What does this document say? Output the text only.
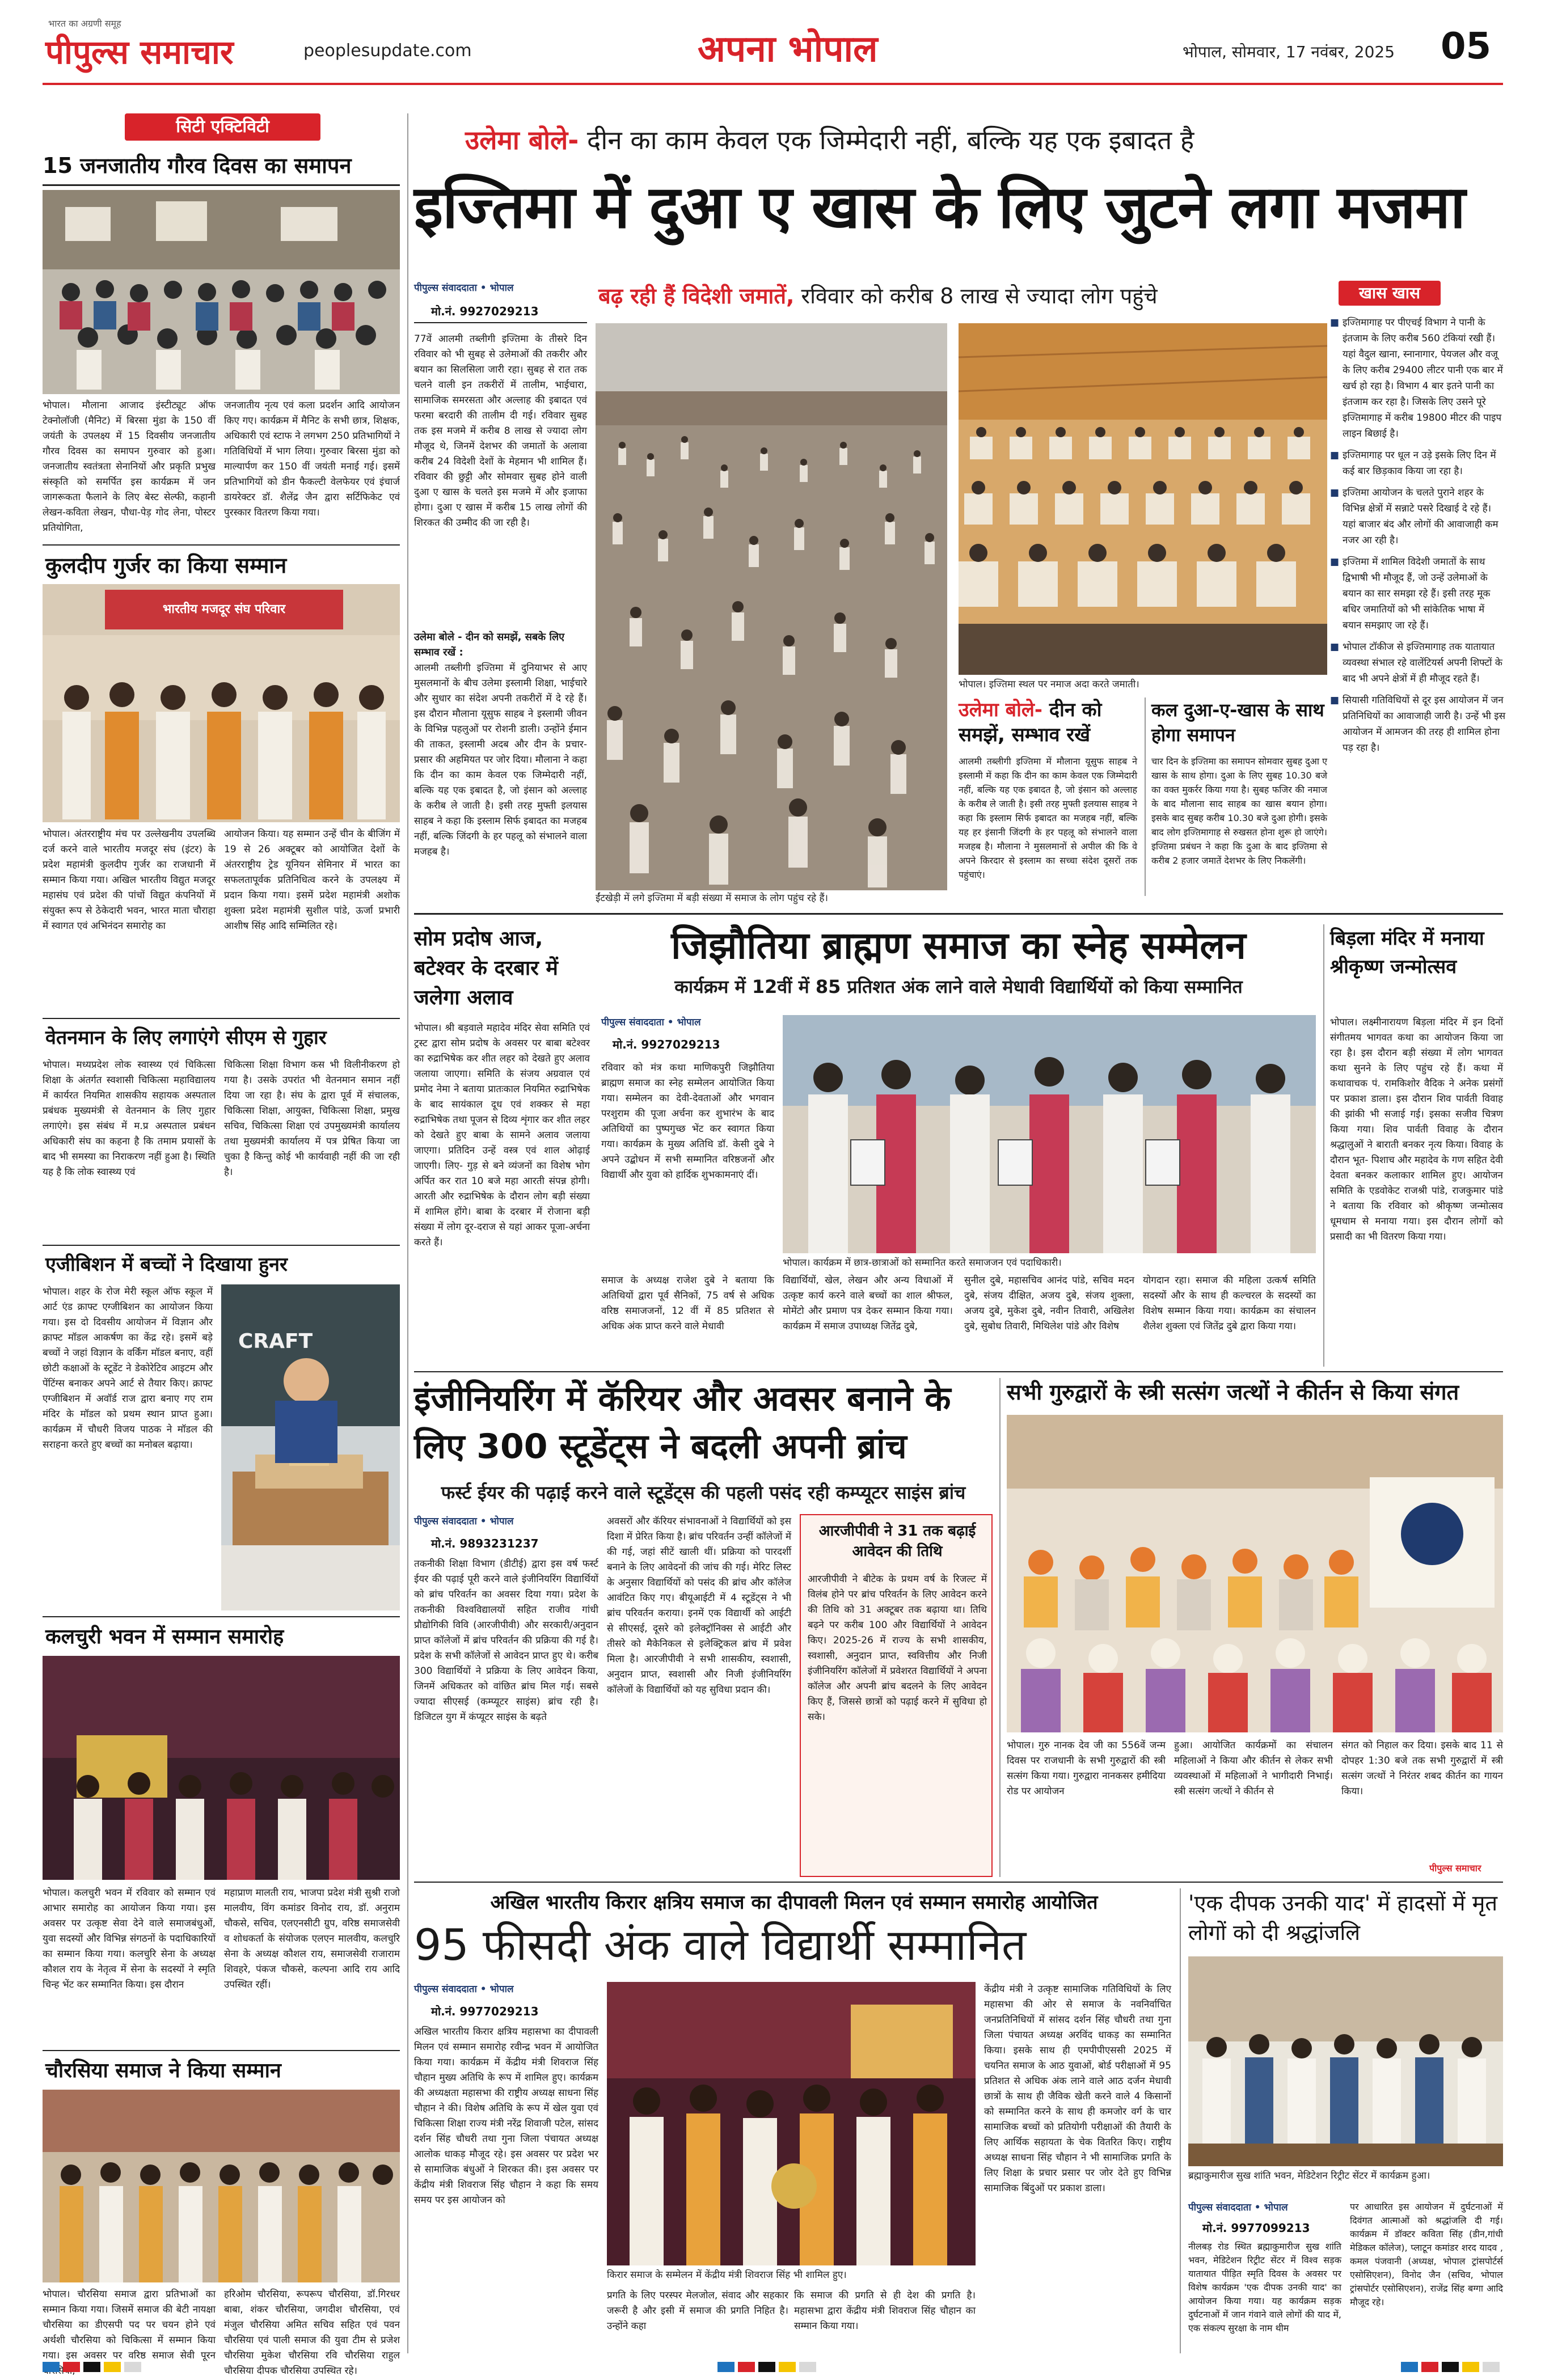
भारत का अग्रणी समूह
पीपुल्स समाचार	peoplesupdate.com	अपना भोपाल	भोपाल, सोमवार, 17 नवंबर, 2025 05
सिटी एक्टिविटी
15 जनजातीय गौरव दिवस का समापन
भोपाल। मौलाना आजाद इंस्टीट्यूट ऑफ टेक्नोलॉजी (मैनिट) में बिरसा मुंडा के 150 वीं जयंती के उपलक्ष्य में 15 दिवसीय जनजातीय गौरव दिवस का समापन गुरुवार को हुआ। जनजातीय स्वतंत्रता सेनानियों और प्रकृति प्रभुख संस्कृति को समर्पित इस कार्यक्रम में जन जागरूकता फैलाने के लिए बेस्ट सेल्फी, कहानी लेखन-कविता लेखन, पौधा-पेड़ गोद लेना, पोस्टर प्रतियोगिता,
जनजातीय नृत्य एवं कला प्रदर्शन आदि आयोजन किए गए। कार्यक्रम में मैनिट के सभी छात्र, शिक्षक, अधिकारी एवं स्टाफ ने लगभग 250 प्रतिभागियों ने गतिविधियों में भाग लिया। गुरुवार बिरसा मुंडा को माल्यार्पण कर 150 वीं जयंती मनाई गई। इसमें प्रतिभागियों को डीन फैकल्टी वेलफेयर एवं इंचार्ज डायरेक्टर डॉ. शैलेंद्र जैन द्वारा सर्टिफिकेट एवं पुरस्कार वितरण किया गया।
कुलदीप गुर्जर का किया सम्मान
भारतीय मजदूर संघ परिवार
भोपाल। अंतरराष्ट्रीय मंच पर उल्लेखनीय उपलब्धि दर्ज करने वाले भारतीय मजदूर संघ (इंटर) के प्रदेश महामंत्री कुलदीप गुर्जर का राजधानी में सम्मान किया गया। अखिल भारतीय विद्युत मजदूर महासंघ एवं प्रदेश की पांचों विद्युत कंपनियों में संयुक्त रूप से ठेकेदारी भवन, भारत माता चौराहा में स्वागत एवं अभिनंदन समारोह का
आयोजन किया। यह सम्मान उन्हें चीन के बीजिंग में 19 से 26 अक्टूबर को आयोजित देशों के अंतरराष्ट्रीय ट्रेड यूनियन सेमिनार में भारत का सफलतापूर्वक प्रतिनिधित्व करने के उपलक्ष्य में प्रदान किया गया। इसमें प्रदेश महामंत्री अशोक शुक्ला प्रदेश महामंत्री सुशील पांडे, ऊर्जा प्रभारी आशीष सिंह आदि सम्मिलित रहे।
वेतनमान के लिए लगाएंगे सीएम से गुहार
भोपाल। मध्यप्रदेश लोक स्वास्थ्य एवं चिकित्सा शिक्षा के अंतर्गत स्वशासी चिकित्सा महाविद्यालय में कार्यरत नियमित शासकीय सहायक अस्पताल प्रबंधक मुख्यमंत्री से वेतनमान के लिए गुहार लगाएंगे। इस संबंध में म.प्र अस्पताल प्रबंधन अधिकारी संघ का कहना है कि तमाम प्रयासों के बाद भी समस्या का निराकरण नहीं हुआ है। स्थिति यह है कि लोक स्वास्थ्य एवं
चिकित्सा शिक्षा विभाग कस भी विलीनीकरण हो गया है। उसके उपरांत भी वेतनमान समान नहीं दिया जा रहा है। संघ के द्वारा पूर्व में संचालक, चिकित्सा शिक्षा, आयुक्त, चिकित्सा शिक्षा, प्रमुख सचिव, चिकित्सा शिक्षा एवं उपमुख्यमंत्री कार्यालय तथा मुख्यमंत्री कार्यालय में पत्र प्रेषित किया जा चुका है किन्तु कोई भी कार्यवाही नहीं की जा रही है।
एजीबिशन में बच्चों ने दिखाया हुनर
भोपाल। शहर के रोज मेरी स्कूल ऑफ स्कूल में आर्ट एंड क्राफ्ट एग्जीबिशन का आयोजन किया गया। इस दो दिवसीय आयोजन में विज्ञान और क्राफ्ट मॉडल आकर्षण का केंद्र रहे। इसमें बड़े बच्चों ने जहां विज्ञान के वर्किंग मॉडल बनाए, वहीं छोटी कक्षाओं के स्टूडेंट ने डेकोरेटिव आइटम और पेंटिंग्स बनाकर अपने आर्ट से तैयार किए। क्राफ्ट एग्जीबिशन में अवॉर्ड राज द्वारा बनाए गए राम मंदिर के मॉडल को प्रथम स्थान प्राप्त हुआ। कार्यक्रम में चौधरी विजय पाठक ने मॉडल की सराहना करते हुए बच्चों का मनोबल बढ़ाया।
CRAFT
कलचुरी भवन में सम्मान समारोह
भोपाल। कलचुरी भवन में रविवार को सम्मान एवं आभार समारोह का आयोजन किया गया। इस अवसर पर उत्कृष्ट सेवा देने वाले समाजबंधुओं, युवा सदस्यों और विभिन्न संगठनों के पदाधिकारियों का सम्मान किया गया। कलचुरि सेना के अध्यक्ष कौशल राय के नेतृत्व में सेना के सदस्यों ने स्मृति चिन्ह भेंट कर सम्मानित किया। इस दौरान
महाप्राण मालती राय, भाजपा प्रदेश मंत्री सुश्री राजो मालवीय, विंग कमांडर विनोद राय, डॉ. अनुराम चौकसे, सचिव, एलएनसीटी ग्रुप, वरिष्ठ समाजसेवी व शोधकर्ता के संयोजक एलएन मालवीय, कलचुरि सेना के अध्यक्ष कौशल राय, समाजसेवी राजाराम शिवहरे, पंकज चौकसे, कल्पना आदि राय आदि उपस्थित रहीं।
चौरसिया समाज ने किया सम्मान
भोपाल। चौरसिया समाज द्वारा प्रतिभाओं का सम्मान किया गया। जिसमें समाज की बेटी नायक्षा चौरसिया का डीएसपी पद पर चयन होने एवं अर्थशी चौरसिया को चिकित्सा में सम्मान किया गया। इस अवसर पर वरिष्ठ समाज सेवी पूरन
हरिओम चौरसिया, रूपरूप चौरसिया, डॉ.गिरधर बाबा, शंकर चौरसिया, जगदीश चौरसिया, एवं मंजुल चौरसिया अमित सचिव सहित एवं पवन चौरसिया एवं पाली समाज की युवा टीम से प्रजेश चौरसिया मुकेश चौरसिया रवि चौरसिया राहुल चौरसिया दीपक चौरसिया उपस्थित रहे।
उलेमा बोले- दीन का काम केवल एक जिम्मेदारी नहीं, बल्कि यह एक इबादत है
इज्तिमा में दुआ ए खास के लिए जुटने लगा मजमा
पीपुल्स संवाददाता • भोपाल
मो.नं. 9927029213
बढ़ रही हैं विदेशी जमातें, रविवार को करीब 8 लाख से ज्यादा लोग पहुंचे
77वें आलमी तब्लीगी इज्तिमा के तीसरे दिन रविवार को भी सुबह से उलेमाओं की तकरीर और बयान का सिलसिला जारी रहा। सुबह से रात तक चलने वाली इन तकरीरों में तालीम, भाईचारा, सामाजिक समरसता और अल्लाह की इबादत एवं फरमा बरदारी की तालीम दी गई। रविवार सुबह तक इस मजमे में करीब 8 लाख से ज्यादा लोग मौजूद थे, जिनमें देशभर की जमातों के अलावा करीब 24 विदेशी देशों के मेहमान भी शामिल हैं। रविवार की छुट्टी और सोमवार सुबह होने वाली दुआ ए खास के चलते इस मजमे में और इजाफा होगा। दुआ ए खास में करीब 15 लाख लोगों की शिरकत की उम्मीद की जा रही है।
उलेमा बोले - दीन को समझें, सबके लिए सम्भाव रखें :
आलमी तब्लीगी इज्तिमा में दुनियाभर से आए मुसलमानों के बीच उलेमा इस्लामी शिक्षा, भाईचारे और सुधार का संदेश अपनी तकरीरों में दे रहे हैं। इस दौरान मौलाना यूसुफ साहब ने इस्लामी जीवन के विभिन्न पहलुओं पर रोशनी डाली। उन्होंने ईमान की ताकत, इस्लामी अदब और दीन के प्रचार-प्रसार की अहमियत पर जोर दिया। मौलाना ने कहा कि दीन का काम केवल एक जिम्मेदारी नहीं, बल्कि यह एक इबादत है, जो इंसान को अल्लाह के करीब ले जाती है। इसी तरह मुफ्ती इलयास साहब ने कहा कि इस्लाम सिर्फ इबादत का मजहब नहीं, बल्कि जिंदगी के हर पहलू को संभालने वाला मजहब है।
ईंटखेड़ी में लगे इज्तिमा में बड़ी संख्या में समाज के लोग पहुंच रहे हैं।
भोपाल। इज्तिमा स्थल पर नमाज अदा करते जमाती।
उलेमा बोले- दीन को समझें, सम्भाव रखें
आलमी तब्लीगी इज्तिमा में मौलाना यूसुफ साहब ने इस्लामी में कहा कि दीन का काम केवल एक जिम्मेदारी नहीं, बल्कि यह एक इबादत है, जो इंसान को अल्लाह के करीब ले जाती है। इसी तरह मुफ्ती इलयास साहब ने कहा कि इस्लाम सिर्फ इबादत का मजहब नहीं, बल्कि यह हर इंसानी जिंदगी के हर पहलू को संभालने वाला मजहब है। मौलाना ने मुसलमानों से अपील की कि वे अपने किरदार से इस्लाम का सच्चा संदेश दूसरों तक पहुंचाएं।
कल दुआ-ए-खास के साथ होगा समापन
चार दिन के इज्तिमा का समापन सोमवार सुबह दुआ ए खास के साथ होगा। दुआ के लिए सुबह 10.30 बजे का वक्त मुकर्रर किया गया है। सुबह फजिर की नमाज के बाद मौलाना साद साहब का खास बयान होगा। इसके बाद सुबह करीब 10.30 बजे दुआ होगी। इसके बाद लोग इज्तिमागाह से रुखसत होना शुरू हो जाएंगे। इज्तिमा प्रबंधन ने कहा कि दुआ के बाद इज्तिमा से करीब 2 हजार जमातें देशभर के लिए निकलेंगी।
खास खास
■ इज्तिमागाह पर पीएचई विभाग ने पानी के इंतजाम के लिए करीब 560 टंकियां रखी हैं। यहां वैदुल खाना, स्नानागार, पेयजल और वजू के लिए करीब 29400 लीटर पानी एक बार में खर्च हो रहा है। विभाग 4 बार इतने पानी का इंतजाम कर रहा है। जिसके लिए उसने पूरे इज्तिमागाह में करीब 19800 मीटर की पाइप लाइन बिछाई है।
■ इज्तिमागाह पर धूल न उड़े इसके लिए दिन में कई बार छिड़काव किया जा रहा है।
■ इज्तिमा आयोजन के चलते पुराने शहर के विभिन्न क्षेत्रों में सन्नाटे पसरे दिखाई दे रहे हैं। यहां बाजार बंद और लोगों की आवाजाही कम नजर आ रही है।
■ इज्तिमा में शामिल विदेशी जमातों के साथ द्विभाषी भी मौजूद हैं, जो उन्हें उलेमाओं के बयान का सार समझा रहे हैं। इसी तरह मूक बधिर जमातियों को भी सांकेतिक भाषा में बयान समझाए जा रहे हैं।
■ भोपाल टॉकीज से इज्तिमागाह तक यातायात व्यवस्था संभाल रहे वालेंटियर्स अपनी शिफ्टों के बाद भी अपने क्षेत्रों में ही मौजूद रहते हैं।
■ सियासी गतिविधियों से दूर इस आयोजन में जन प्रतिनिधियों का आवाजाही जारी है। उन्हें भी इस आयोजन में आमजन की तरह ही शामिल होना पड़ रहा है।
सोम प्रदोष आज, बटेश्वर के दरबार में जलेगा अलाव
भोपाल। श्री बड़वाले महादेव मंदिर सेवा समिति एवं ट्रस्ट द्वारा सोम प्रदोष के अवसर पर बाबा बटेश्वर का रुद्राभिषेक कर शीत लहर को देखते हुए अलाव जलाया जाएगा। समिति के संजय अग्रवाल एवं प्रमोद नेमा ने बताया प्रातःकाल नियमित रुद्राभिषेक के बाद सायंकाल दूध एवं शक्कर से महा रुद्राभिषेक तथा पूजन से दिव्य शृंगार कर शीत लहर को देखते हुए बाबा के सामने अलाव जलाया जाएगा। प्रतिदिन उन्हें वस्त्र एवं शाल ओढ़ाई जाएगी। लिए- गुड़ से बने व्यंजनों का विशेष भोग अर्पित कर रात 10 बजे महा आरती संपन्न होगी। आरती और रुद्राभिषेक के दौरान लोग बड़ी संख्या में शामिल होंगे। बाबा के दरबार में रोजाना बड़ी संख्या में लोग दूर-दराज से यहां आकर पूजा-अर्चना करते हैं।
जिझौतिया ब्राह्मण समाज का स्नेह सम्मेलन
कार्यक्रम में 12वीं में 85 प्रतिशत अंक लाने वाले मेधावी विद्यार्थियों को किया सम्मानित
पीपुल्स संवाददाता • भोपाल
मो.नं. 9927029213
रविवार को मंत्र कथा माणिकपुरी जिझौतिया ब्राह्मण समाज का स्नेह सम्मेलन आयोजित किया गया। सम्मेलन का देवी-देवताओं और भगवान परशुराम की पूजा अर्चना कर शुभारंभ के बाद अतिथियों का पुष्पगुच्छ भेंट कर स्वागत किया गया। कार्यक्रम के मुख्य अतिथि डॉ. केसी दुबे ने अपने उद्बोधन में सभी सम्मानित वरिष्ठजनों और विद्यार्थी और युवा को हार्दिक शुभकामनाएं दीं।
भोपाल। कार्यक्रम में छात्र-छात्राओं को सम्मानित करते समाजजन एवं पदाधिकारी।
समाज के अध्यक्ष राजेश दुबे ने बताया कि अतिथियों द्वारा पूर्व सैनिकों, 75 वर्ष से अधिक वरिष्ठ समाजजनों, 12 वीं में 85 प्रतिशत से अधिक अंक प्राप्त करने वाले मेधावी
विद्यार्थियों, खेल, लेखन और अन्य विधाओं में उत्कृष्ट कार्य करने वाले बच्चों का शाल श्रीफल, मोमेंटो और प्रमाण पत्र देकर सम्मान किया गया। कार्यक्रम में समाज उपाध्यक्ष जितेंद्र दुबे,
सुनील दुबे, महासचिव आनंद पांडे, सचिव मदन दुबे, संजय दीक्षित, अजय दुबे, संजय शुक्ला, अजय दुबे, मुकेश दुबे, नवीन तिवारी, अखिलेश दुबे, सुबोध तिवारी, मिथिलेश पांडे और विशेष
योगदान रहा। समाज की महिला उत्कर्ष समिति सदस्यों और के साथ ही कल्चरल के सदस्यों का विशेष सम्मान किया गया। कार्यक्रम का संचालन शैलेश शुक्ला एवं जितेंद्र दुबे द्वारा किया गया।
बिड़ला मंदिर में मनाया श्रीकृष्ण जन्मोत्सव
भोपाल। लक्ष्मीनारायण बिड़ला मंदिर में इन दिनों संगीतमय भागवत कथा का आयोजन किया जा रहा है। इस दौरान बड़ी संख्या में लोग भागवत कथा सुनने के लिए पहुंच रहे हैं। कथा में कथावाचक पं. रामकिशोर वैदिक ने अनेक प्रसंगों पर प्रकाश डाला। इस दौरान शिव पार्वती विवाह की झांकी भी सजाई गई। इसका सजीव चित्रण किया गया। शिव पार्वती विवाह के दौरान श्रद्धालुओं ने बाराती बनकर नृत्य किया। विवाह के दौरान भूत- पिशाच और महादेव के गण सहित देवी देवता बनकर कलाकार शामिल हुए। आयोजन समिति के एडवोकेट राजश्री पांडे, राजकुमार पांडे ने बताया कि रविवार को श्रीकृष्ण जन्मोत्सव धूमधाम से मनाया गया। इस दौरान लोगों को प्रसादी का भी वितरण किया गया।
इंजीनियरिंग में कॅरियर और अवसर बनाने के लिए 300 स्टूडेंट्स ने बदली अपनी ब्रांच
फर्स्ट ईयर की पढ़ाई करने वाले स्टूडेंट्स की पहली पसंद रही कम्प्यूटर साइंस ब्रांच
पीपुल्स संवाददाता • भोपाल
मो.नं. 9893231237
तकनीकी शिक्षा विभाग (डीटीई) द्वारा इस वर्ष फर्स्ट ईयर की पढ़ाई पूरी करने वाले इंजीनियरिंग विद्यार्थियों को ब्रांच परिवर्तन का अवसर दिया गया। प्रदेश के तकनीकी विश्वविद्यालयों सहित राजीव गांधी प्रौद्योगिकी विवि (आरजीपीवी) और सरकारी/अनुदान प्राप्त कॉलेजों में ब्रांच परिवर्तन की प्रक्रिया की गई है। प्रदेश के सभी कॉलेजों से आवेदन प्राप्त हुए थे। करीब 300 विद्यार्थियों ने प्रक्रिया के लिए आवेदन किया, जिनमें अधिकतर को वांछित ब्रांच मिल गई। सबसे ज्यादा सीएसई (कम्प्यूटर साइंस) ब्रांच रही है। डिजिटल युग में कंप्यूटर साइंस के बढ़ते
अवसरों और कॅरियर संभावनाओं ने विद्यार्थियों को इस दिशा में प्रेरित किया है। ब्रांच परिवर्तन उन्हीं कॉलेजों में की गई, जहां सीटें खाली थीं। प्रक्रिया को पारदर्शी बनाने के लिए आवेदनों की जांच की गई। मेरिट लिस्ट के अनुसार विद्यार्थियों को पसंद की ब्रांच और कॉलेज आवंटित किए गए। बीयूआईटी में 4 स्टूडेंट्स ने भी ब्रांच परिवर्तन कराया। इनमें एक विद्यार्थी को आईटी से सीएसई, दूसरे को इलेक्ट्रॉनिक्स से आईटी और तीसरे को मैकेनिकल से इलेक्ट्रिकल ब्रांच में प्रवेश मिला है। आरजीपीवी ने सभी शासकीय, स्वशासी, अनुदान प्राप्त, स्वशासी और निजी इंजीनियरिंग कॉलेजों के विद्यार्थियों को यह सुविधा प्रदान की।
आरजीपीवी ने 31 तक बढ़ाई आवेदन की तिथि
आरजीपीवी ने बीटेक के प्रथम वर्ष के रिजल्ट में विलंब होने पर ब्रांच परिवर्तन के लिए आवेदन करने की तिथि को 31 अक्टूबर तक बढ़ाया था। तिथि बढ़ने पर करीब 100 और विद्यार्थियों ने आवेदन किए। 2025-26 में राज्य के सभी शासकीय, स्वशासी, अनुदान प्राप्त, स्ववित्तीय और निजी इंजीनियरिंग कॉलेजों में प्रवेशरत विद्यार्थियों ने अपना कॉलेज और अपनी ब्रांच बदलने के लिए आवेदन किए हैं, जिससे छात्रों को पढ़ाई करने में सुविधा हो सके।
सभी गुरुद्वारों के स्त्री सत्संग जत्थों ने कीर्तन से किया संगत
भोपाल। गुरु नानक देव जी का 556वें जन्म दिवस पर राजधानी के सभी गुरुद्वारों की स्त्री सत्संग किया गया। गुरुद्वारा नानकसर हमीदिया रोड पर आयोजन
हुआ। आयोजित कार्यक्रमों का संचालन महिलाओं ने किया और कीर्तन से लेकर सभी व्यवस्थाओं में महिलाओं ने भागीदारी निभाई। स्त्री सत्संग जत्थों ने कीर्तन से
संगत को निहाल कर दिया। इसके बाद 11 से दोपहर 1:30 बजे तक सभी गुरुद्वारों में स्त्री सत्संग जत्थों ने निरंतर शबद कीर्तन का गायन किया।
पीपुल्स समाचार
अखिल भारतीय किरार क्षत्रिय समाज का दीपावली मिलन एवं सम्मान समारोह आयोजित
95 फीसदी अंक वाले विद्यार्थी सम्मानित
पीपुल्स संवाददाता • भोपाल
मो.नं. 9977029213
अखिल भारतीय किरार क्षत्रिय महासभा का दीपावली मिलन एवं सम्मान समारोह रवीन्द्र भवन में आयोजित किया गया। कार्यक्रम में केंद्रीय मंत्री शिवराज सिंह चौहान मुख्य अतिथि के रूप में शामिल हुए। कार्यक्रम की अध्यक्षता महासभा की राष्ट्रीय अध्यक्ष साधना सिंह चौहान ने की। विशेष अतिथि के रूप में खेल युवा एवं चिकित्सा शिक्षा राज्य मंत्री नरेंद्र शिवाजी पटेल, सांसद दर्शन सिंह चौधरी तथा गुना जिला पंचायत अध्यक्ष आलोक धाकड़ मौजूद रहे। इस अवसर पर प्रदेश भर से सामाजिक बंधुओं ने शिरकत की। इस अवसर पर केंद्रीय मंत्री शिवराज सिंह चौहान ने कहा कि समय समय पर इस आयोजन को
किरार समाज के सम्मेलन में केंद्रीय मंत्री शिवराज सिंह भी शामिल हुए।
प्रगति के लिए परस्पर मेलजोल, संवाद और सहकार जरूरी है और इसी में समाज की प्रगति निहित है। उन्होंने कहा
कि समाज की प्रगति से ही देश की प्रगति है। महासभा द्वारा केंद्रीय मंत्री शिवराज सिंह चौहान का सम्मान किया गया।
केंद्रीय मंत्री ने उत्कृष्ट सामाजिक गतिविधियों के लिए महासभा की ओर से समाज के नवनिर्वाचित जनप्रतिनिधियों में सांसद दर्शन सिंह चौधरी तथा गुना जिला पंचायत अध्यक्ष अरविंद धाकड़ का सम्मानित किया। इसके साथ ही एमपीपीएससी 2025 में चयनित समाज के आठ युवाओं, बोर्ड परीक्षाओं में 95 प्रतिशत से अधिक अंक लाने वाले आठ दर्जन मेधावी छात्रों के साथ ही जैविक खेती करने वाले 4 किसानों को सम्मानित करने के साथ ही कमजोर वर्ग के चार सामाजिक बच्चों को प्रतियोगी परीक्षाओं की तैयारी के लिए आर्थिक सहायता के चेक वितरित किए। राष्ट्रीय अध्यक्ष साधना सिंह चौहान ने भी सामाजिक प्रगति के लिए शिक्षा के प्रचार प्रसार पर जोर देते हुए विभिन्न सामाजिक बिंदुओं पर प्रकाश डाला।
'एक दीपक उनकी याद' में हादसों में मृत लोगों को दी श्रद्धांजलि
ब्रह्माकुमारीज सुख शांति भवन, मेडिटेशन रिट्रीट सेंटर में कार्यक्रम हुआ।
पीपुल्स संवाददाता • भोपाल
मो.नं. 9977099213
नीलबड़ रोड स्थित ब्रह्माकुमारीज सुख शांति भवन, मेडिटेशन रिट्रीट सेंटर में विश्व सड़क यातायात पीड़ित स्मृति दिवस के अवसर पर विशेष कार्यक्रम 'एक दीपक उनकी याद' का आयोजन किया गया। यह कार्यक्रम सड़क दुर्घटनाओं में जान गंवाने वाले लोगों की याद में, एक संकल्प सुरक्षा के नाम थीम
पर आधारित इस आयोजन में दुर्घटनाओं में दिवंगत आत्माओं को श्रद्धांजलि दी गई। कार्यक्रम में डॉक्टर कविता सिंह (डीन,गांधी मेडिकल कॉलेज), प्लाटून कमांडर शरद यादव , कमल पंजवानी (अध्यक्ष, भोपाल ट्रांसपोर्टर्स एसोसिएशन), विनोद जैन (सचिव, भोपाल ट्रांसपोर्टर एसोसिएशन), राजेंद्र सिंह बग्गा आदि मौजूद रहे।
